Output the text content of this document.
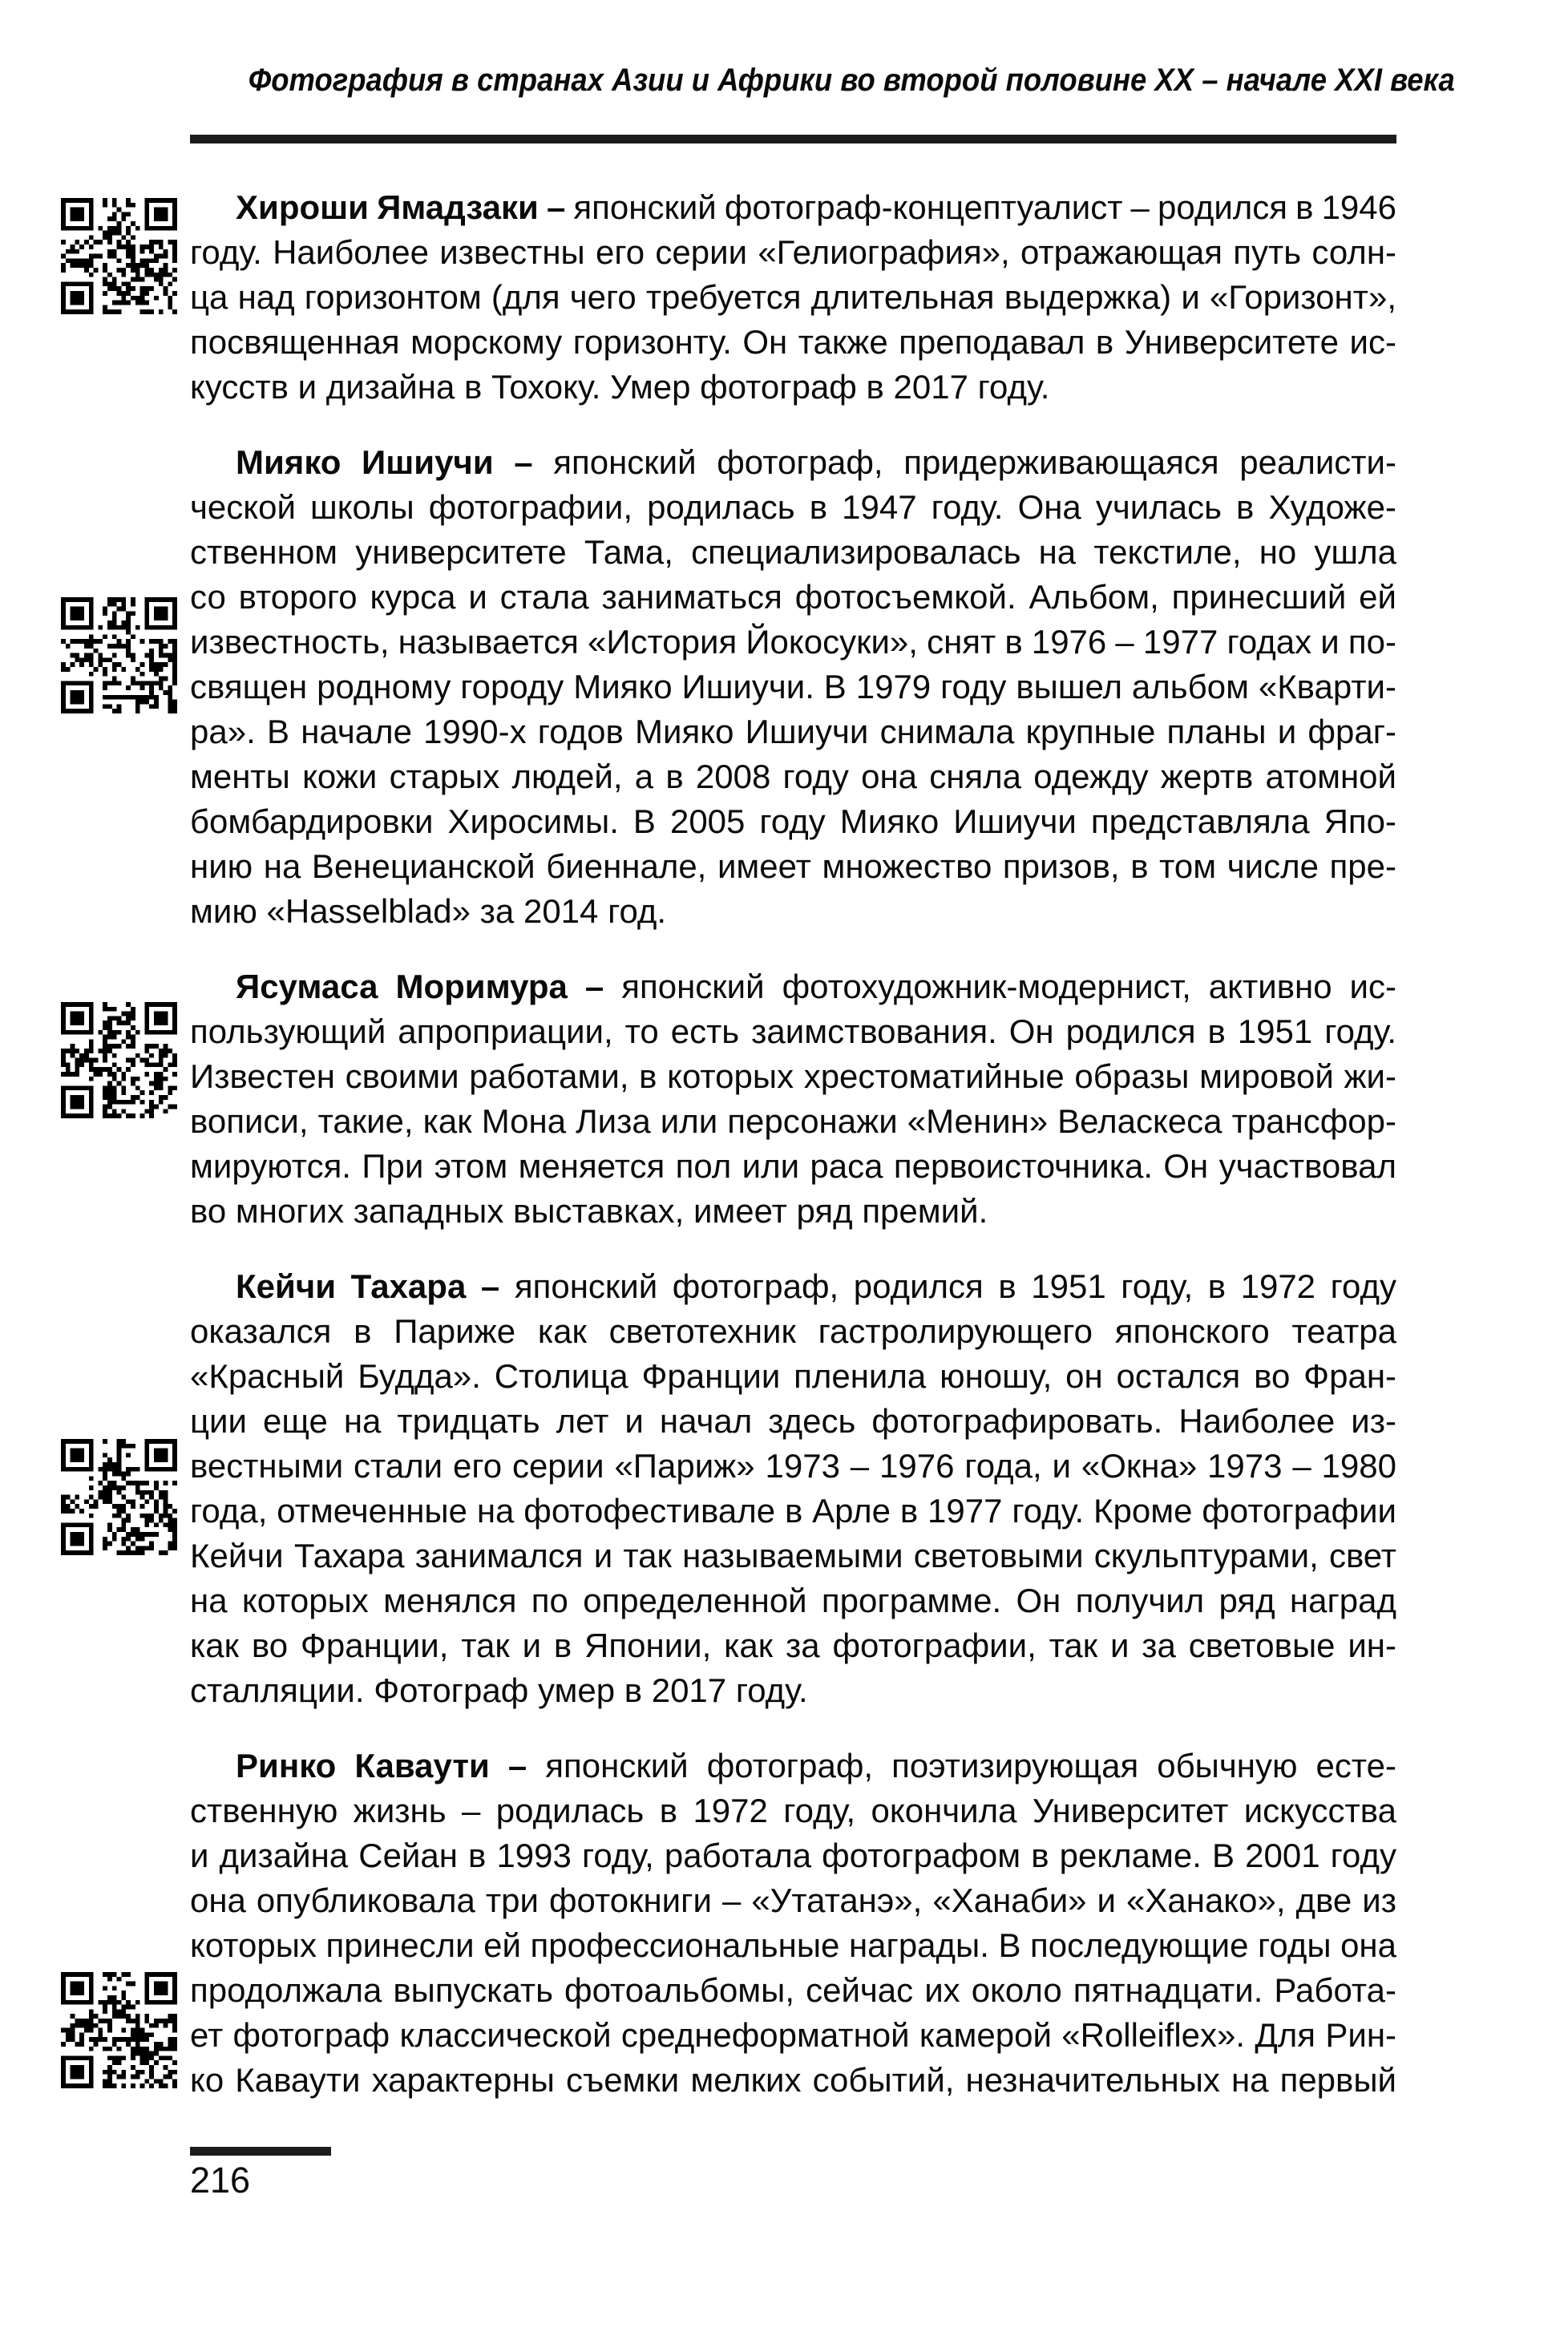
Фотография в странах Азии и Африки во второй половине XX – начале XXI века
Хироши Ямадзаки – японский фотограф-концептуалист – родился в 1946
году. Наиболее известны его серии «Гелиография», отражающая путь солн-
ца над горизонтом (для чего требуется длительная выдержка) и «Горизонт»,
посвященная морскому горизонту. Он также преподавал в Университете ис-
кусств и дизайна в Тохоку. Умер фотограф в 2017 году.
Мияко Ишиучи – японский фотограф, придерживающаяся реалисти-
ческой школы фотографии, родилась в 1947 году. Она училась в Художе-
ственном университете Тама, специализировалась на текстиле, но ушла
со второго курса и стала заниматься фотосъемкой. Альбом, принесший ей
известность, называется «История Йокосуки», снят в 1976 – 1977 годах и по-
священ родному городу Мияко Ишиучи. В 1979 году вышел альбом «Кварти-
ра». В начале 1990-х годов Мияко Ишиучи снимала крупные планы и фраг-
менты кожи старых людей, а в 2008 году она сняла одежду жертв атомной
бомбардировки Хиросимы. В 2005 году Мияко Ишиучи представляла Япо-
нию на Венецианской биеннале, имеет множество призов, в том числе пре-
мию «Hasselblad» за 2014 год.
Ясумаса Моримура – японский фотохудожник-модернист, активно ис-
пользующий апроприации, то есть заимствования. Он родился в 1951 году.
Известен своими работами, в которых хрестоматийные образы мировой жи-
вописи, такие, как Мона Лиза или персонажи «Менин» Веласкеса трансфор-
мируются. При этом меняется пол или раса первоисточника. Он участвовал
во многих западных выставках, имеет ряд премий.
Кейчи Тахара – японский фотограф, родился в 1951 году, в 1972 году
оказался в Париже как светотехник гастролирующего японского театра
«Красный Будда». Столица Франции пленила юношу, он остался во Фран-
ции еще на тридцать лет и начал здесь фотографировать. Наиболее из-
вестными стали его серии «Париж» 1973 – 1976 года, и «Окна» 1973 – 1980
года, отмеченные на фотофестивале в Арле в 1977 году. Кроме фотографии
Кейчи Тахара занимался и так называемыми световыми скульптурами, свет
на которых менялся по определенной программе. Он получил ряд наград
как во Франции, так и в Японии, как за фотографии, так и за световые ин-
сталляции. Фотограф умер в 2017 году.
Ринко Каваути – японский фотограф, поэтизирующая обычную есте-
ственную жизнь – родилась в 1972 году, окончила Университет искусства
и дизайна Сейан в 1993 году, работала фотографом в рекламе. В 2001 году
она опубликовала три фотокниги – «Утатанэ», «Ханаби» и «Ханако», две из
которых принесли ей профессиональные награды. В последующие годы она
продолжала выпускать фотоальбомы, сейчас их около пятнадцати. Работа-
ет фотограф классической среднеформатной камерой «Rolleiflex». Для Рин-
ко Каваути характерны съемки мелких событий, незначительных на первый
216
